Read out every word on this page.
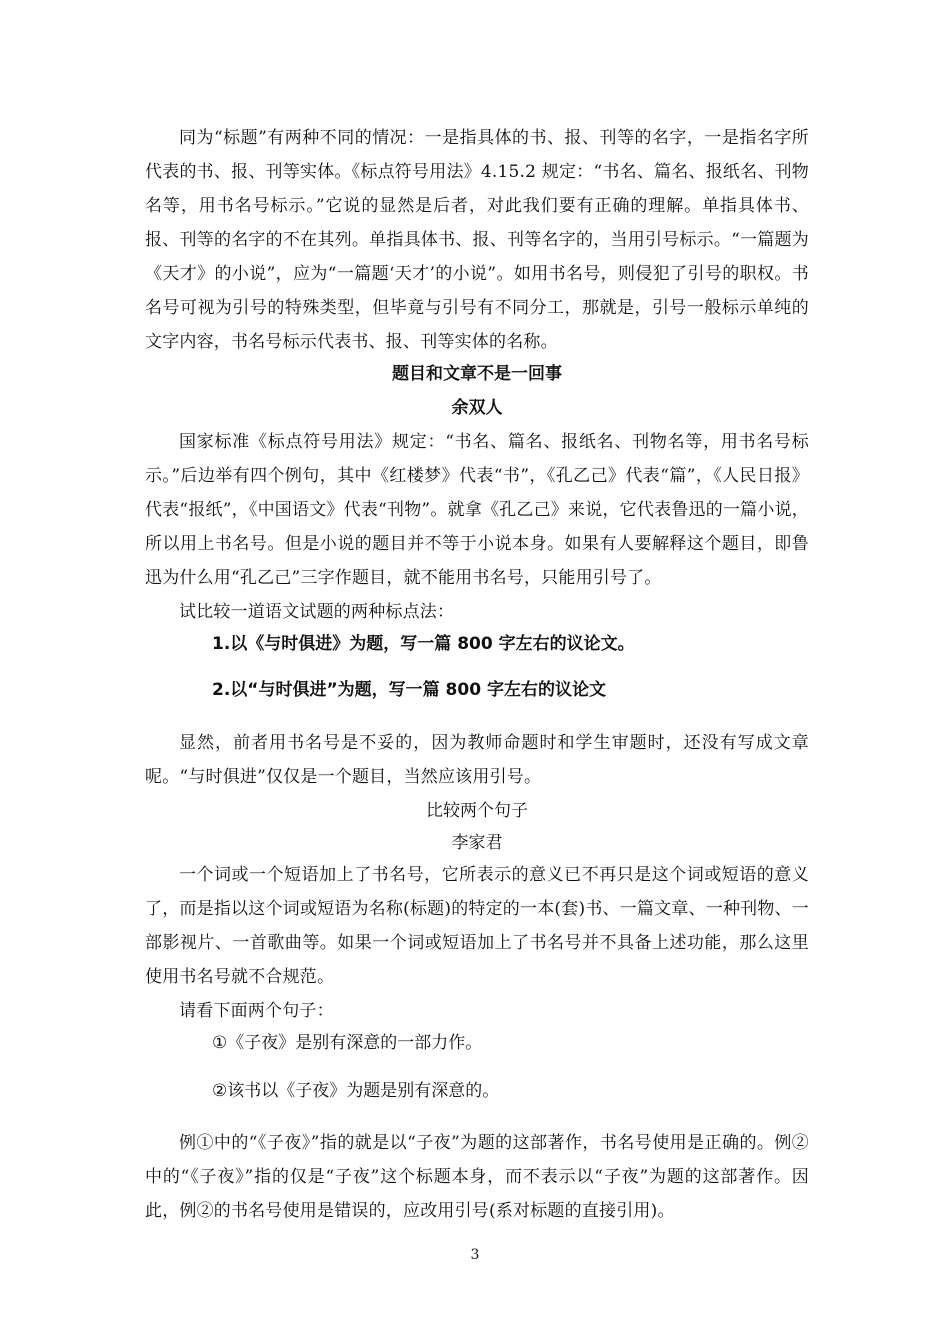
同为“标题”有两种不同的情况：一是指具体的书、报、刊等的名字，一是指名字所代表的书、报、刊等实体。《标点符号用法》4.15.2 规定：“书名、篇名、报纸名、刊物名等，用书名号标示。”它说的显然是后者，对此我们要有正确的理解。单指具体书、报、刊等的名字的不在其列。单指具体书、报、刊等名字的，当用引号标示。“一篇题为《天才》的小说”，应为“一篇题‘天才’的小说”。如用书名号，则侵犯了引号的职权。书名号可视为引号的特殊类型，但毕竟与引号有不同分工，那就是，引号一般标示单纯的文字内容，书名号标示代表书、报、刊等实体的名称。

题目和文章不是一回事
余双人

国家标准《标点符号用法》规定：“书名、篇名、报纸名、刊物名等，用书名号标示。”后边举有四个例句，其中《红楼梦》代表“书”，《孔乙己》代表“篇”，《人民日报》代表“报纸”，《中国语文》代表“刊物”。就拿《孔乙己》来说，它代表鲁迅的一篇小说，所以用上书名号。但是小说的题目并不等于小说本身。如果有人要解释这个题目，即鲁迅为什么用“孔乙己”三字作题目，就不能用书名号，只能用引号了。

试比较一道语文试题的两种标点法：

1.以《与时俱进》为题，写一篇 800 字左右的议论文。
2.以“与时俱进”为题，写一篇 800 字左右的议论文

显然，前者用书名号是不妥的，因为教师命题时和学生审题时，还没有写成文章呢。“与时俱进”仅仅是一个题目，当然应该用引号。

比较两个句子
李家君

一个词或一个短语加上了书名号，它所表示的意义已不再只是这个词或短语的意义了，而是指以这个词或短语为名称(标题)的特定的一本(套)书、一篇文章、一种刊物、一部影视片、一首歌曲等。如果一个词或短语加上了书名号并不具备上述功能，那么这里使用书名号就不合规范。

请看下面两个句子：

①《子夜》是别有深意的一部力作。
②该书以《子夜》为题是别有深意的。

例①中的“《子夜》”指的就是以“子夜”为题的这部著作，书名号使用是正确的。例②中的“《子夜》”指的仅是“子夜”这个标题本身，而不表示以“子夜”为题的这部著作。因此，例②的书名号使用是错误的，应改用引号(系对标题的直接引用)。

3
